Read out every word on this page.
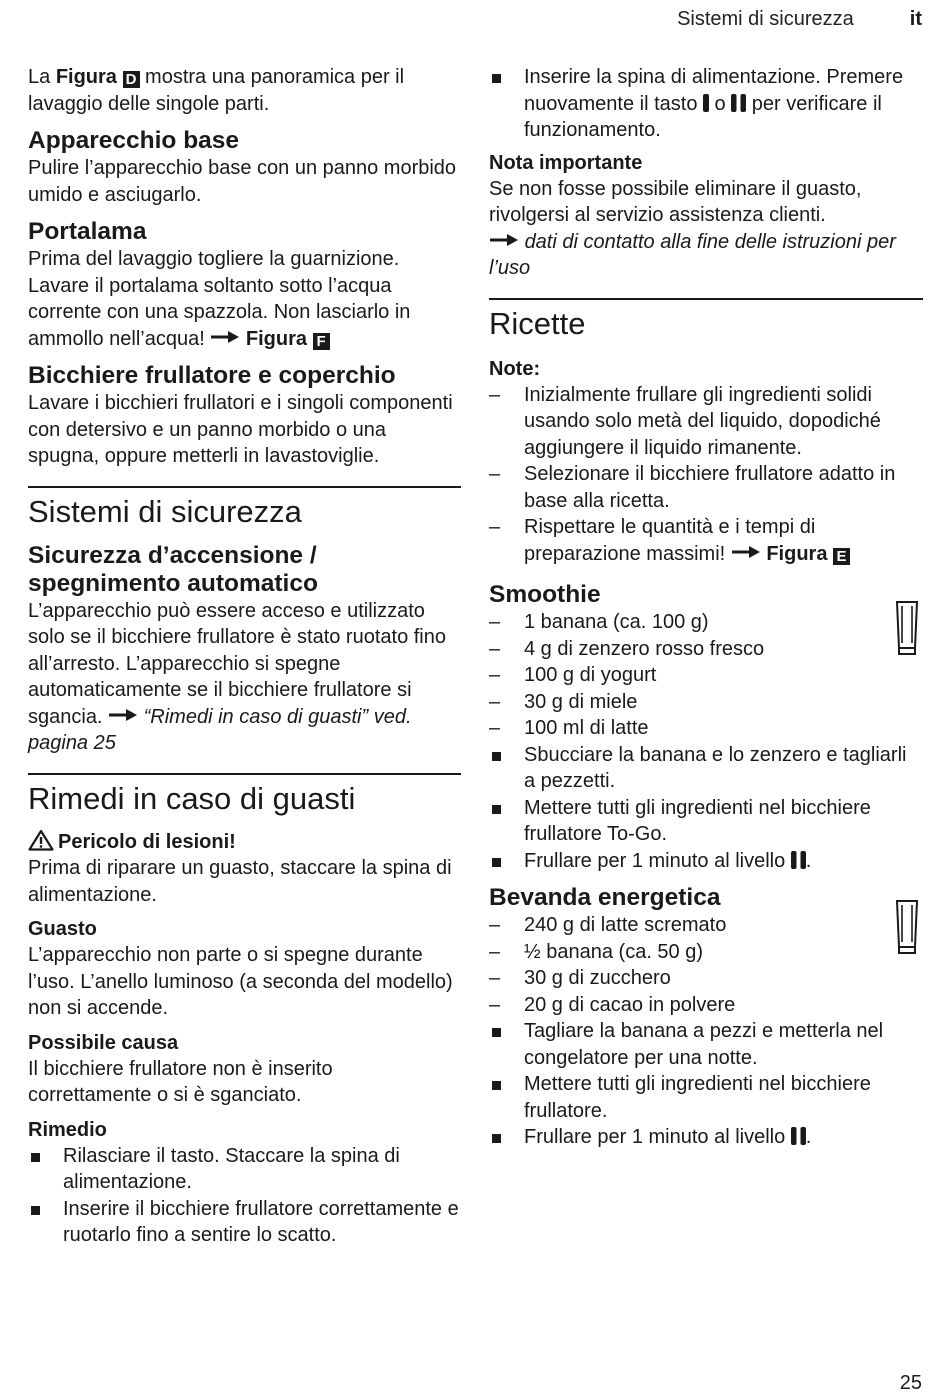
Sistemi di sicurezza	it

La Figura D mostra una panoramica per il lavaggio delle singole parti.

Apparecchio base

Pulire l’apparecchio base con un panno morbido umido e asciugarlo.

Portalama

Prima del lavaggio togliere la guarnizione. Lavare il portalama soltanto sotto l’acqua corrente con una spazzola. Non lasciarlo in ammollo nell’acqua! Figura F

Bicchiere frullatore e coperchio

Lavare i bicchieri frullatori e i singoli componenti con detersivo e un panno morbido o una spugna, oppure metterli in lavastoviglie.

Sistemi di sicurezza
Sicurezza d’accensione / spegnimento automatico

L’apparecchio può essere acceso e utilizzato solo se il bicchiere frullatore è stato ruotato fino all’arresto. L’apparecchio si spegne automaticamente se il bicchiere frullatore si sgancia. “Rimedi in caso di guasti” ved. pagina 25

Rimedi in caso di guasti

Pericolo di lesioni!

Prima di riparare un guasto, staccare la spina di alimentazione.

Guasto

L’apparecchio non parte o si spegne durante l’uso. L’anello luminoso (a seconda del modello) non si accende.

Possibile causa

Il bicchiere frullatore non è inserito correttamente o si è sganciato.

Rimedio
Rilasciare il tasto. Staccare la spina di alimentazione.
Inserire il bicchiere frullatore correttamente e ruotarlo fino a sentire lo scatto.
Inserire la spina di alimentazione. Premere nuovamente il tasto  o  per verificare il funzionamento.
Nota importante

Se non fosse possibile eliminare il guasto, rivolgersi al servizio assistenza clienti.

dati di contatto alla fine delle istruzioni per l’uso

Ricette
Note:
– Inizialmente frullare gli ingredienti solidi usando solo metà del liquido, dopodiché aggiungere il liquido rimanente.
– Selezionare il bicchiere frullatore adatto in base alla ricetta.
– Rispettare le quantità e i tempi di preparazione massimi! Figura E
Smoothie
– 1 banana (ca. 100 g)
– 4 g di zenzero rosso fresco
– 100 g di yogurt
– 30 g di miele
– 100 ml di latte
Sbucciare la banana e lo zenzero e tagliarli a pezzetti.
Mettere tutti gli ingredienti nel bicchiere frullatore To-Go.
Frullare per 1 minuto al livello .
Bevanda energetica
– 240 g di latte scremato
– ½ banana (ca. 50 g)
– 30 g di zucchero
– 20 g di cacao in polvere
Tagliare la banana a pezzi e metterla nel congelatore per una notte.
Mettere tutti gli ingredienti nel bicchiere frullatore.
Frullare per 1 minuto al livello .
25
